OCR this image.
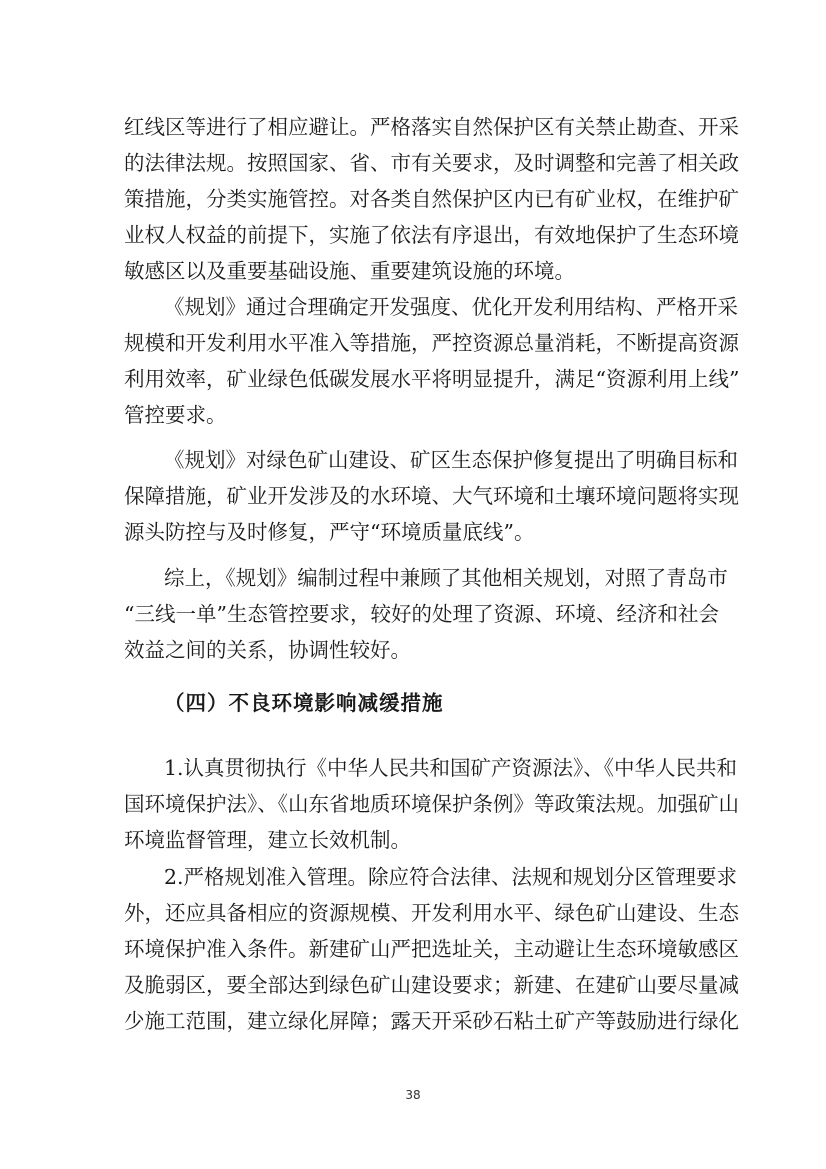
红线区等进行了相应避让。严格落实自然保护区有关禁止勘查、开采
的法律法规。按照国家、省、市有关要求，及时调整和完善了相关政
策措施，分类实施管控。对各类自然保护区内已有矿业权，在维护矿
业权人权益的前提下，实施了依法有序退出，有效地保护了生态环境
敏感区以及重要基础设施、重要建筑设施的环境。
《规划》通过合理确定开发强度、优化开发利用结构、严格开采
规模和开发利用水平准入等措施，严控资源总量消耗，不断提高资源
利用效率，矿业绿色低碳发展水平将明显提升，满足“资源利用上线”
管控要求。
《规划》对绿色矿山建设、矿区生态保护修复提出了明确目标和
保障措施，矿业开发涉及的水环境、大气环境和土壤环境问题将实现
源头防控与及时修复，严守“环境质量底线”。
综上，《规划》编制过程中兼顾了其他相关规划，对照了青岛市
“三线一单”生态管控要求，较好的处理了资源、环境、经济和社会
效益之间的关系，协调性较好。
（四）不良环境影响减缓措施
1.认真贯彻执行《中华人民共和国矿产资源法》、《中华人民共和
国环境保护法》、《山东省地质环境保护条例》等政策法规。加强矿山
环境监督管理，建立长效机制。
2.严格规划准入管理。除应符合法律、法规和规划分区管理要求
外，还应具备相应的资源规模、开发利用水平、绿色矿山建设、生态
环境保护准入条件。新建矿山严把选址关，主动避让生态环境敏感区
及脆弱区，要全部达到绿色矿山建设要求；新建、在建矿山要尽量减
少施工范围，建立绿化屏障；露天开采砂石粘土矿产等鼓励进行绿化
38
